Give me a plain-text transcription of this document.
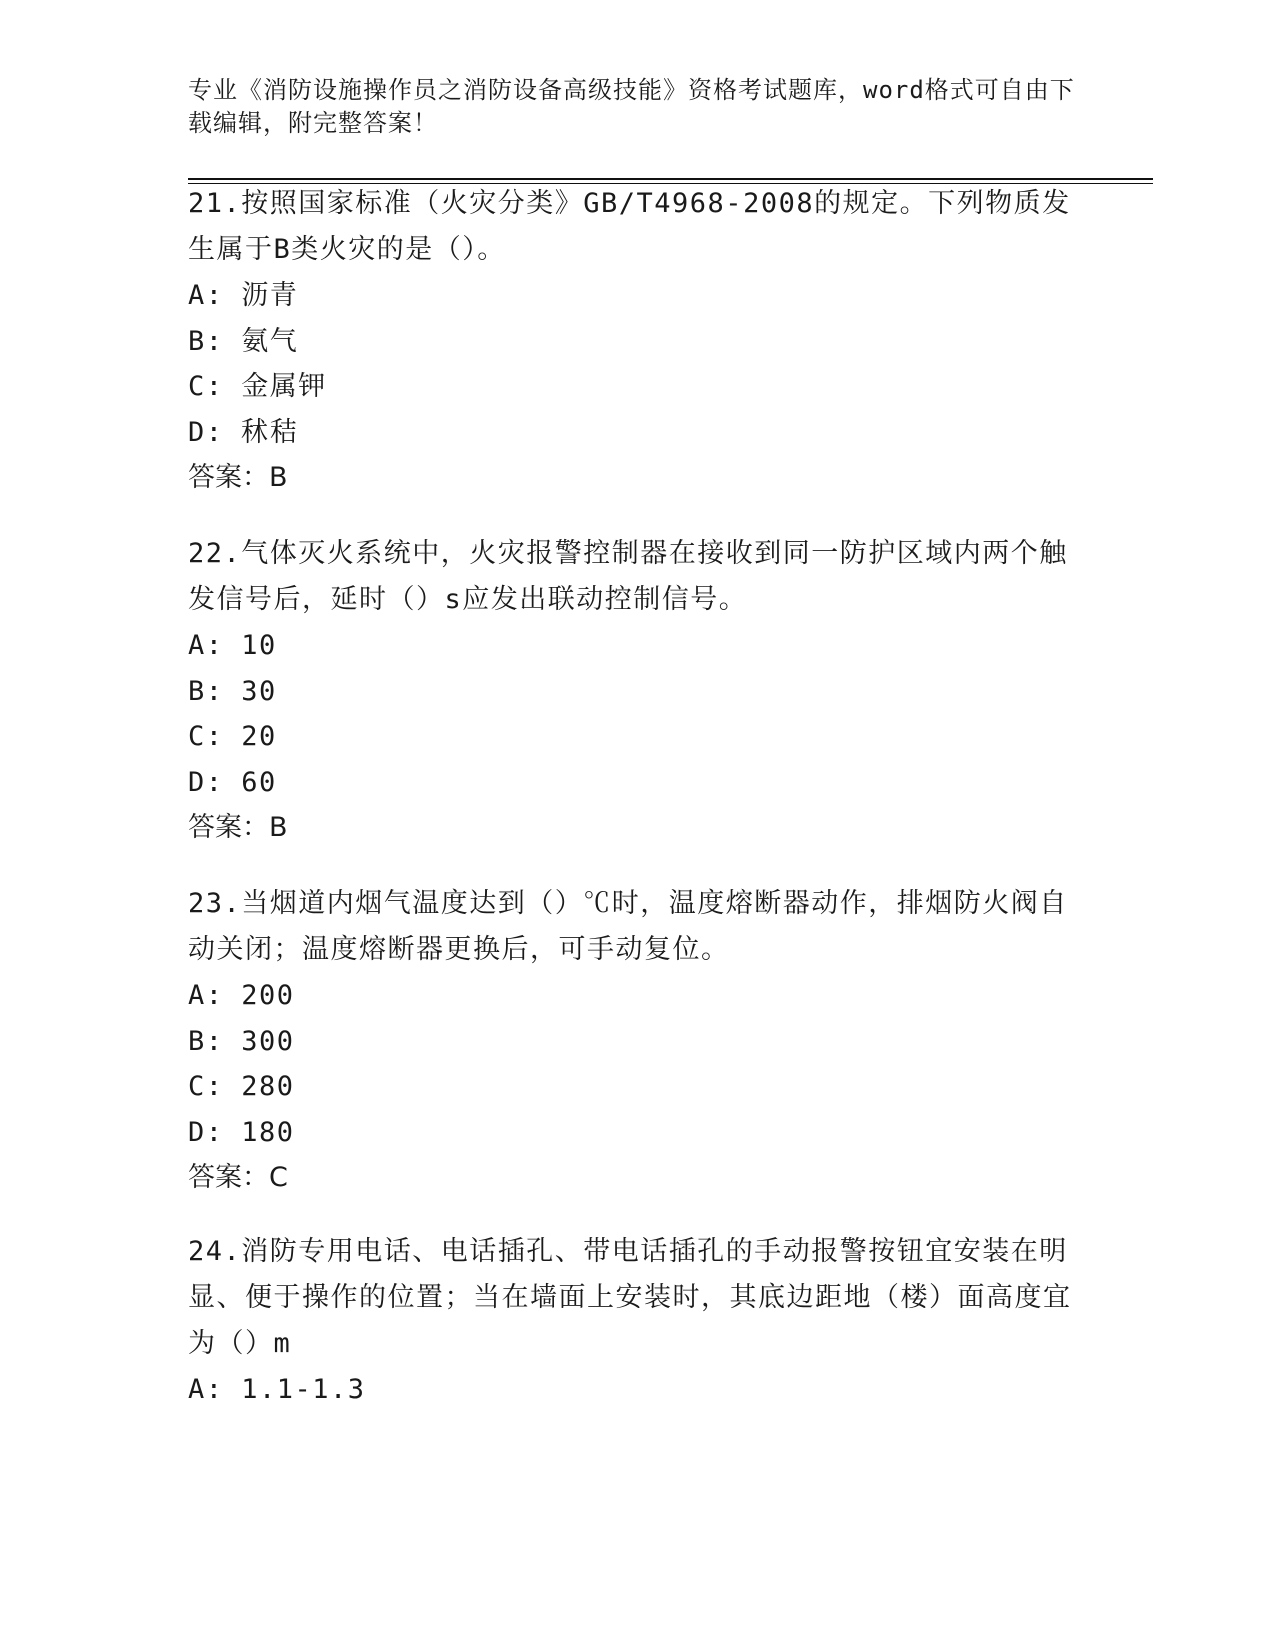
专业《消防设施操作员之消防设备高级技能》资格考试题库，word格式可自由下
载编辑，附完整答案！

21.按照国家标准（火灾分类》GB/T4968-2008的规定。下列物质发生属于B类火灾的是（）。

A: 沥青
B: 氨气
C: 金属钾
D: 秫秸

答案：B

22.气体灭火系统中，火灾报警控制器在接收到同一防护区域内两个触发信号后，延时（）s应发出联动控制信号。

A: 10
B: 30
C: 20
D: 60

答案：B

23.当烟道内烟气温度达到（）℃时，温度熔断器动作，排烟防火阀自动关闭；温度熔断器更换后，可手动复位。

A: 200
B: 300
C: 280
D: 180

答案：C

24.消防专用电话、电话插孔、带电话插孔的手动报警按钮宜安装在明显、便于操作的位置；当在墙面上安装时，其底边距地（楼）面高度宜为（）m

A: 1.1-1.3
